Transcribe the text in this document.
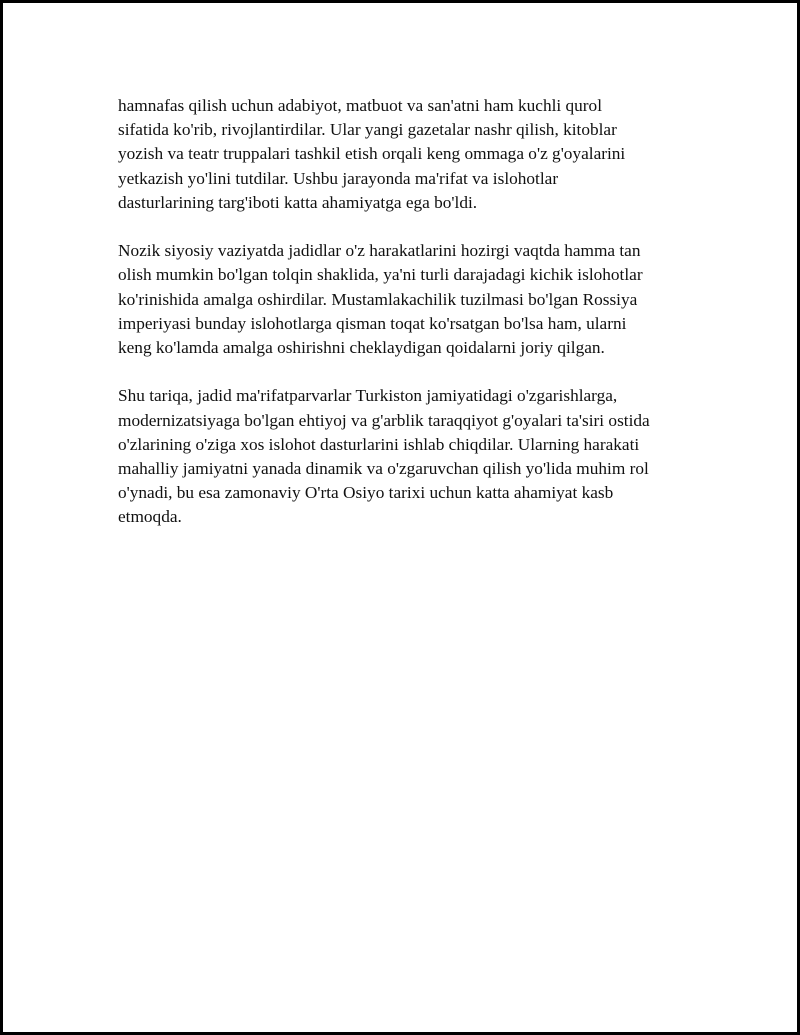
hamnafas qilish uchun adabiyot, matbuot va san'atni ham kuchli qurol
sifatida ko'rib, rivojlantirdilar. Ular yangi gazetalar nashr qilish, kitoblar
yozish va teatr truppalari tashkil etish orqali keng ommaga o'z g'oyalarini
yetkazish yo'lini tutdilar. Ushbu jarayonda ma'rifat va islohotlar
dasturlarining targ'iboti katta ahamiyatga ega bo'ldi.

Nozik siyosiy vaziyatda jadidlar o'z harakatlarini hozirgi vaqtda hamma tan
olish mumkin bo'lgan tolqin shaklida, ya'ni turli darajadagi kichik islohotlar
ko'rinishida amalga oshirdilar. Mustamlakachilik tuzilmasi bo'lgan Rossiya
imperiyasi bunday islohotlarga qisman toqat ko'rsatgan bo'lsa ham, ularni
keng ko'lamda amalga oshirishni cheklaydigan qoidalarni joriy qilgan.

Shu tariqa, jadid ma'rifatparvarlar Turkiston jamiyatidagi o'zgarishlarga,
modernizatsiyaga bo'lgan ehtiyoj va g'arblik taraqqiyot g'oyalari ta'siri ostida
o'zlarining o'ziga xos islohot dasturlarini ishlab chiqdilar. Ularning harakati
mahalliy jamiyatni yanada dinamik va o'zgaruvchan qilish yo'lida muhim rol
o'ynadi, bu esa zamonaviy O'rta Osiyo tarixi uchun katta ahamiyat kasb
etmoqda.
